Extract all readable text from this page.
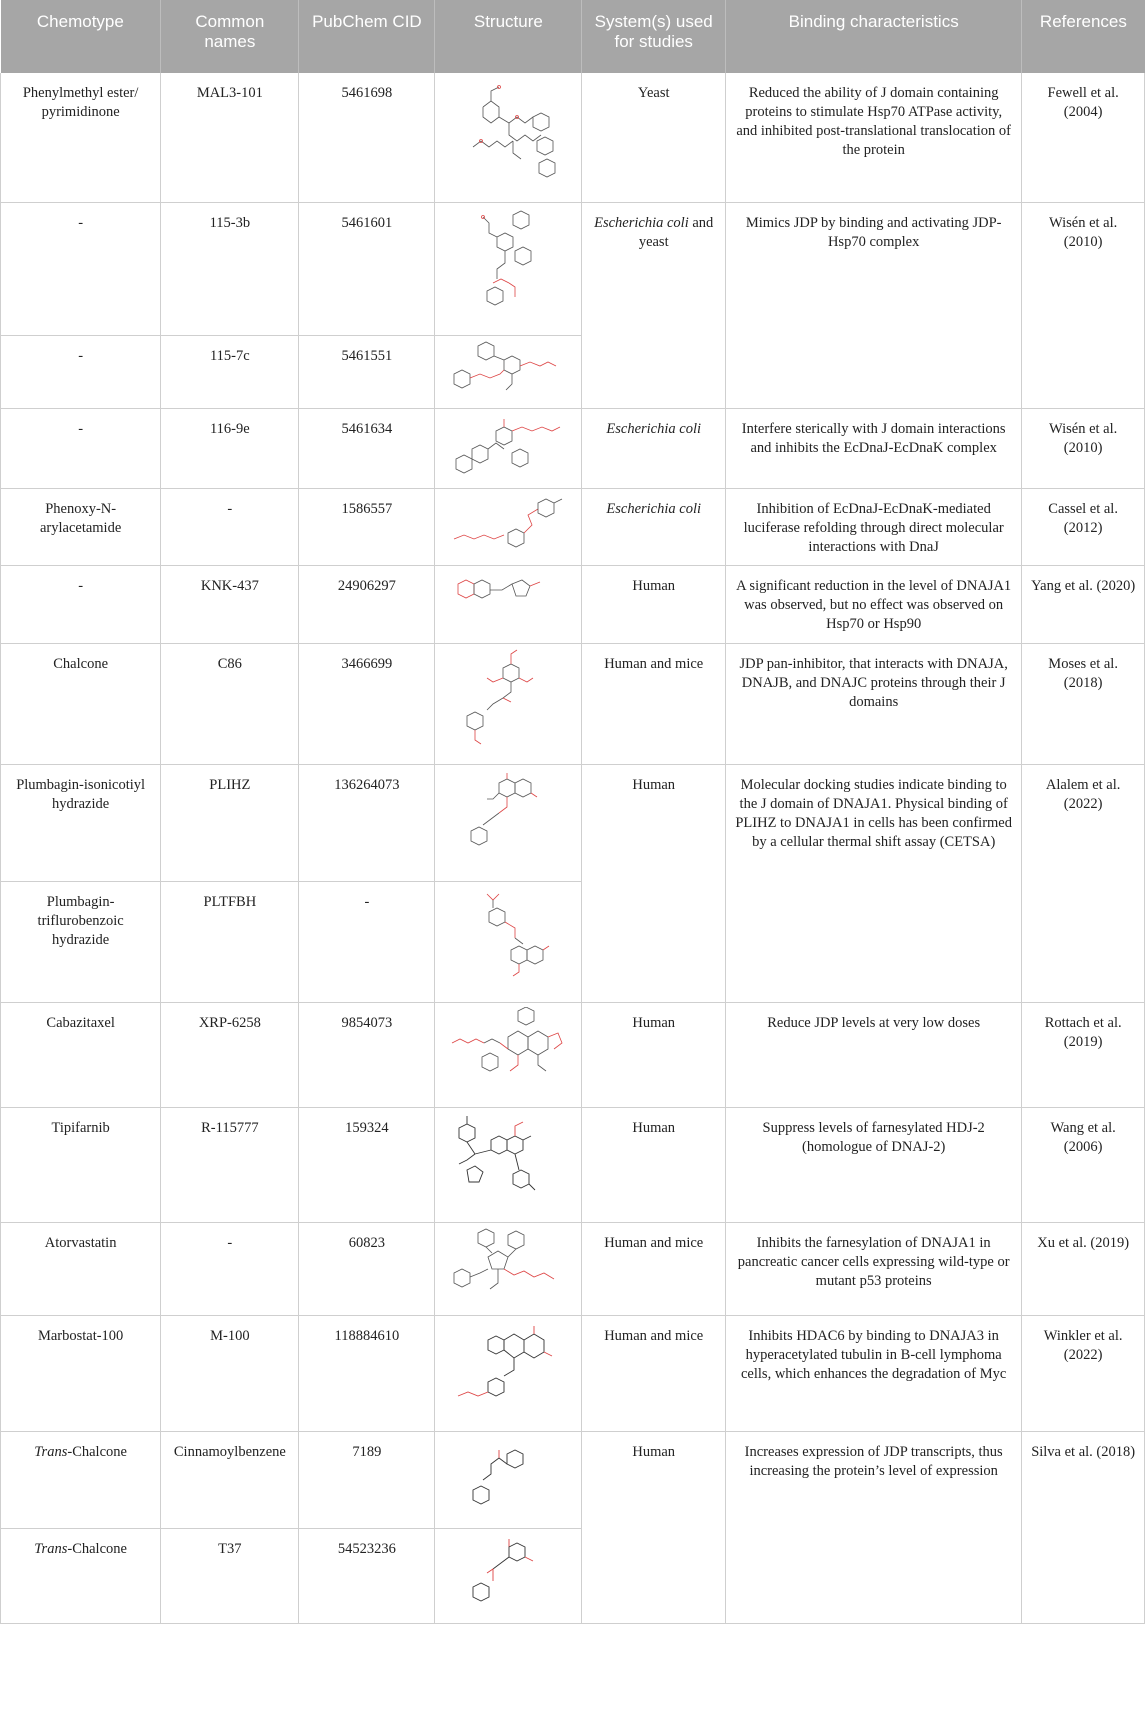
Chemotype	Common names	PubChem CID	Structure	System(s) used for studies	Binding characteristics	References
Phenylmethyl ester/ pyrimidinone	MAL3-101	5461698		Yeast	Reduced the ability of J domain containing proteins to stimulate Hsp70 ATPase activity, and inhibited post-translational translocation of the protein	Fewell et al. (2004)
-	115-3b	5461601		Escherichia coli and yeast	Mimics JDP by binding and activating JDP-Hsp70 complex	Wisén et al. (2010)
-	115-7c	5461551	

-	116-9e	5461634		Escherichia coli	Interfere sterically with J domain interactions and inhibits the EcDnaJ-EcDnaK complex	Wisén et al. (2010)
Phenoxy-N-arylacetamide	-	1586557		Escherichia coli	Inhibition of EcDnaJ-EcDnaK-mediated luciferase refolding through direct molecular interactions with DnaJ	Cassel et al. (2012)
-	KNK-437	24906297		Human	A significant reduction in the level of DNAJA1 was observed, but no effect was observed on Hsp70 or Hsp90	Yang et al. (2020)
Chalcone	C86	3466699		Human and mice	JDP pan-inhibitor, that interacts with DNAJA, DNAJB, and DNAJC proteins through their J domains	Moses et al. (2018)
Plumbagin-isonicotiyl hydrazide	PLIHZ	136264073		Human	Molecular docking studies indicate binding to the J domain of DNAJA1. Physical binding of PLIHZ to DNAJA1 in cells has been confirmed by a cellular thermal shift assay (CETSA)	Alalem et al. (2022)
Plumbagin-triflurobenzoic hydrazide	PLTFBH	-	

Cabazitaxel	XRP-6258	9854073		Human	Reduce JDP levels at very low doses	Rottach et al. (2019)
Tipifarnib	R-115777	159324		Human	Suppress levels of farnesylated HDJ-2 (homologue of DNAJ-2)	Wang et al. (2006)
Atorvastatin	-	60823		Human and mice	Inhibits the farnesylation of DNAJA1 in pancreatic cancer cells expressing wild-type or mutant p53 proteins	Xu et al. (2019)
Marbostat-100	M-100	118884610		Human and mice	Inhibits HDAC6 by binding to DNAJA3 in hyperacetylated tubulin in B-cell lymphoma cells, which enhances the degradation of Myc	Winkler et al. (2022)
Trans-Chalcone	Cinnamoylbenzene	7189		Human	Increases expression of JDP transcripts, thus increasing the protein’s level of expression	Silva et al. (2018)
Trans-Chalcone	T37	54523236	
